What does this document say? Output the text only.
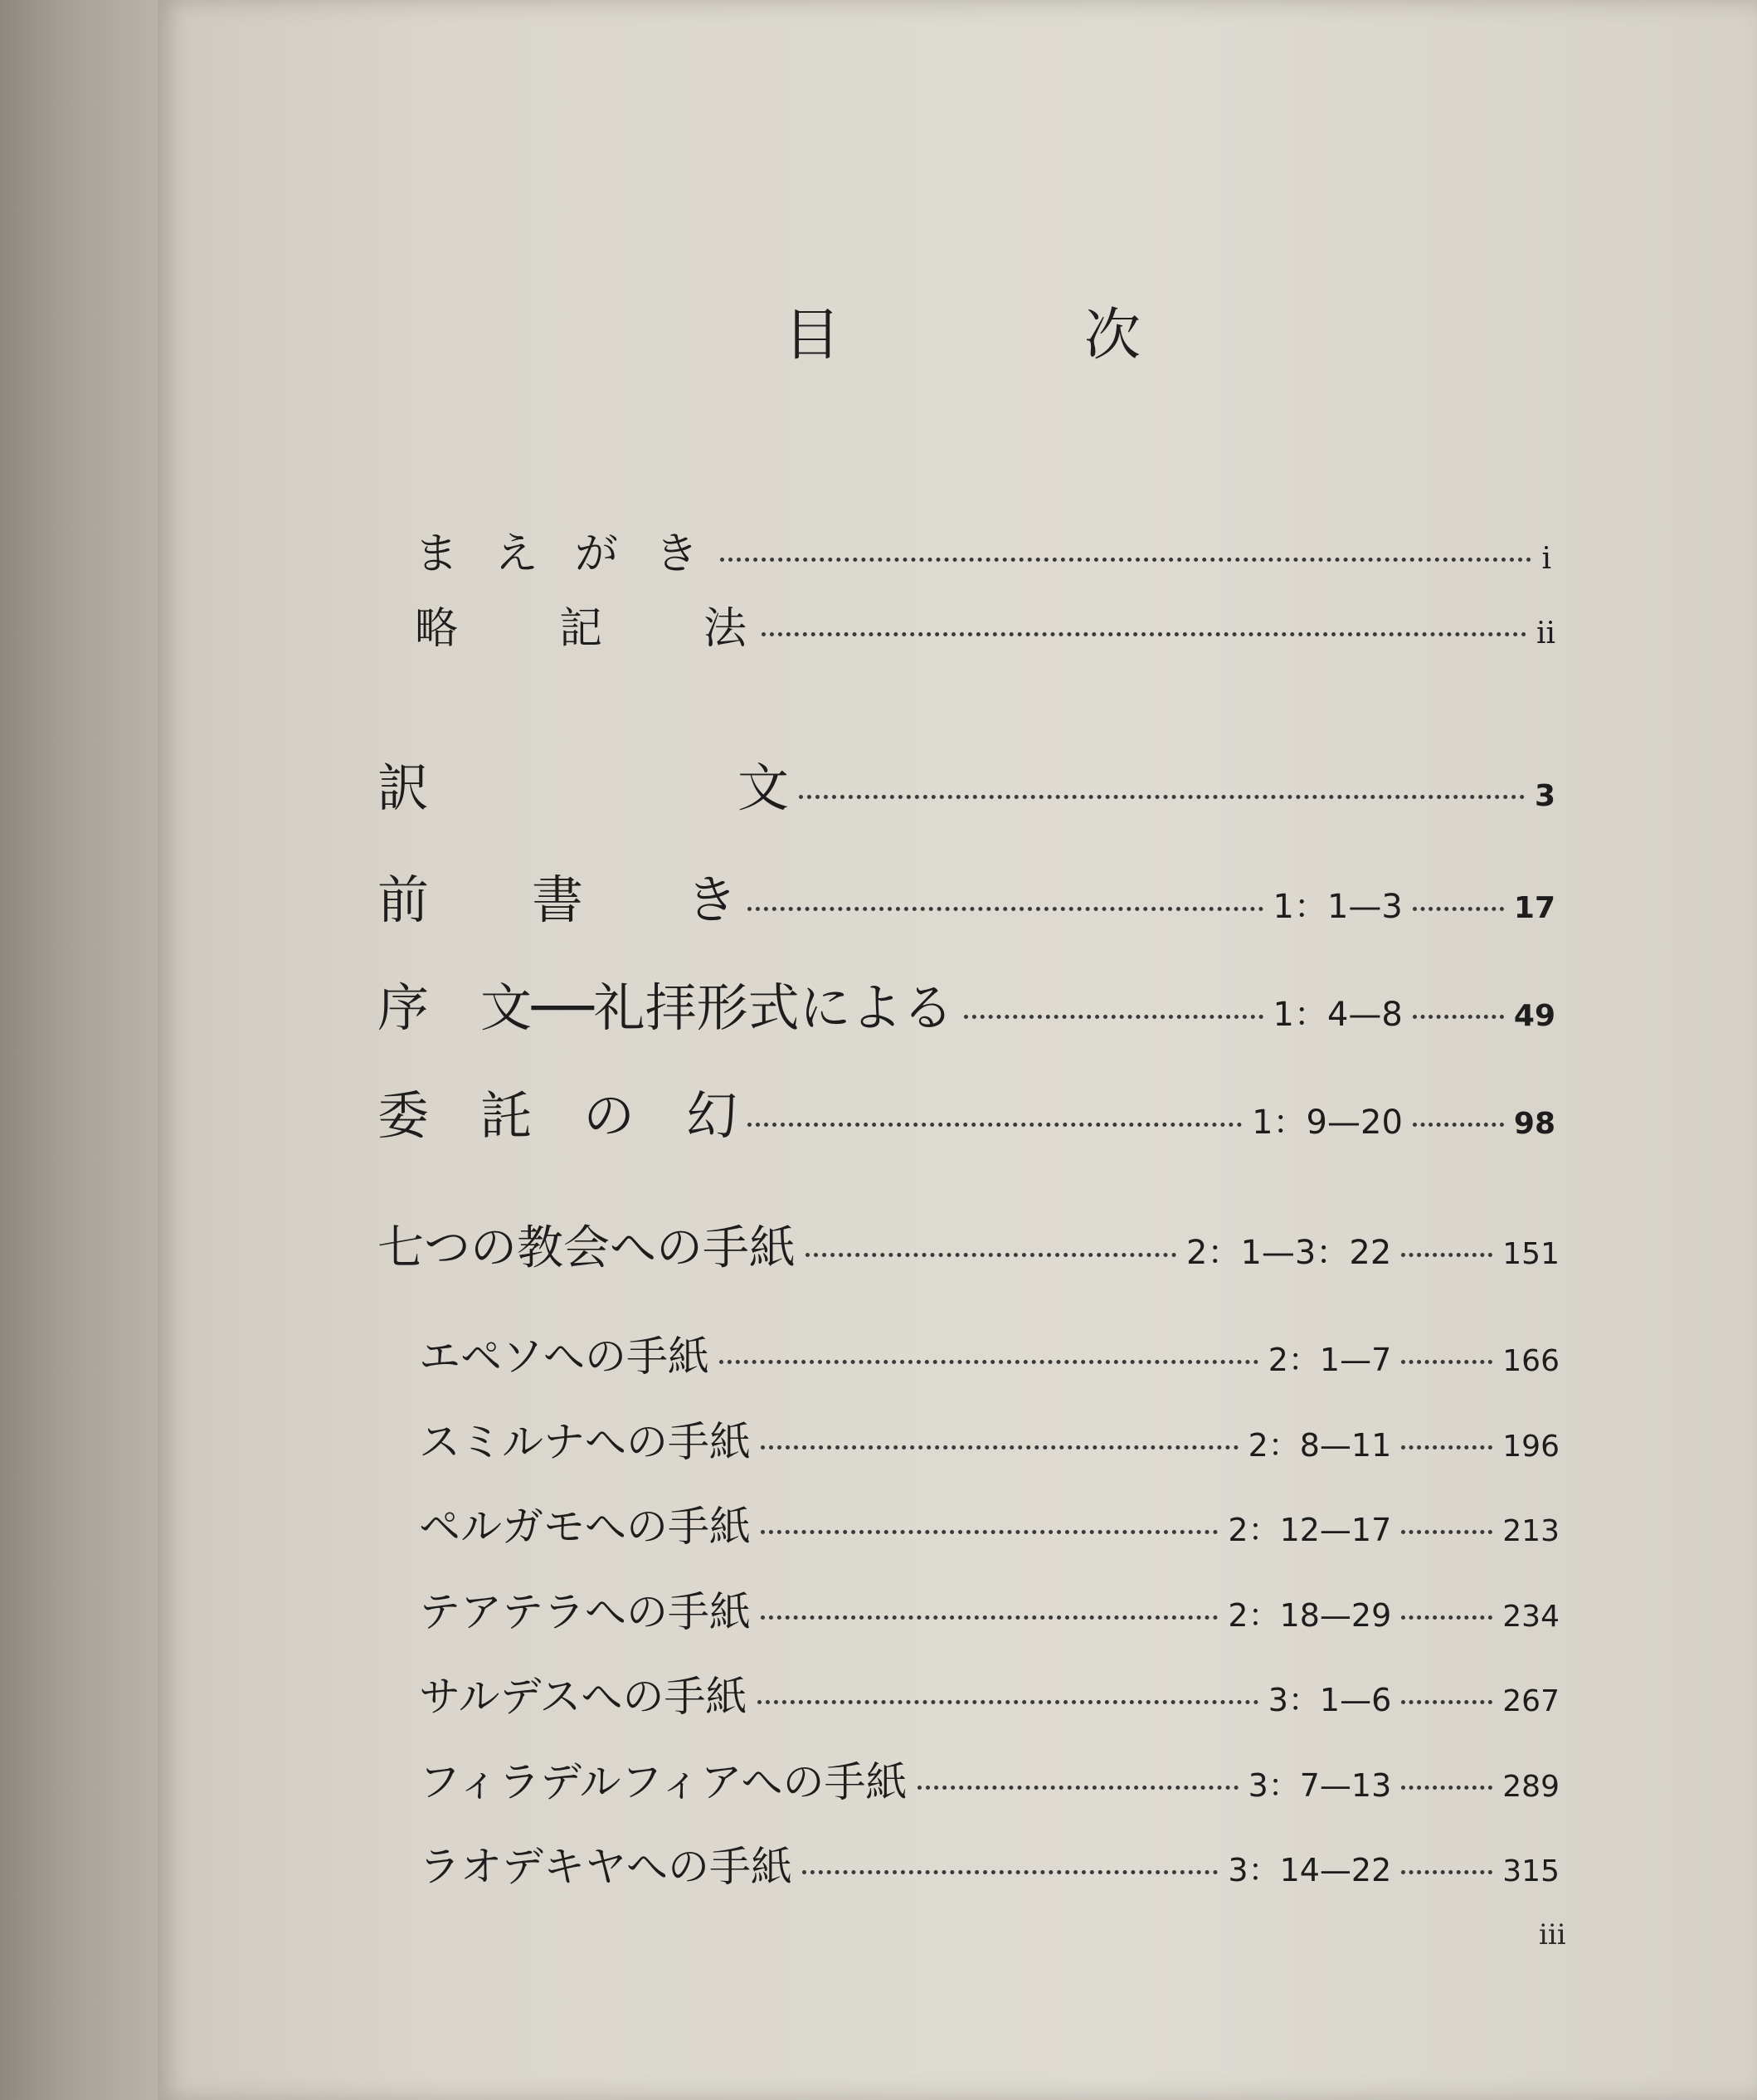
目	次
ま え が き	i
略　　記　　法	ii
訳　　　　　　文	3
前　　書　　き	1：1—3	17
序　文──礼拝形式による	1：4—8	49
委　託　の　幻	1：9—20	98
七つの教会への手紙	2：1—3：22	151
エペソへの手紙	2：1—7	166
スミルナへの手紙	2：8—11	196
ペルガモへの手紙	2：12—17	213
テアテラへの手紙	2：18—29	234
サルデスへの手紙	3：1—6	267
フィラデルフィアへの手紙	3：7—13	289
ラオデキヤへの手紙	3：14—22	315
iii
